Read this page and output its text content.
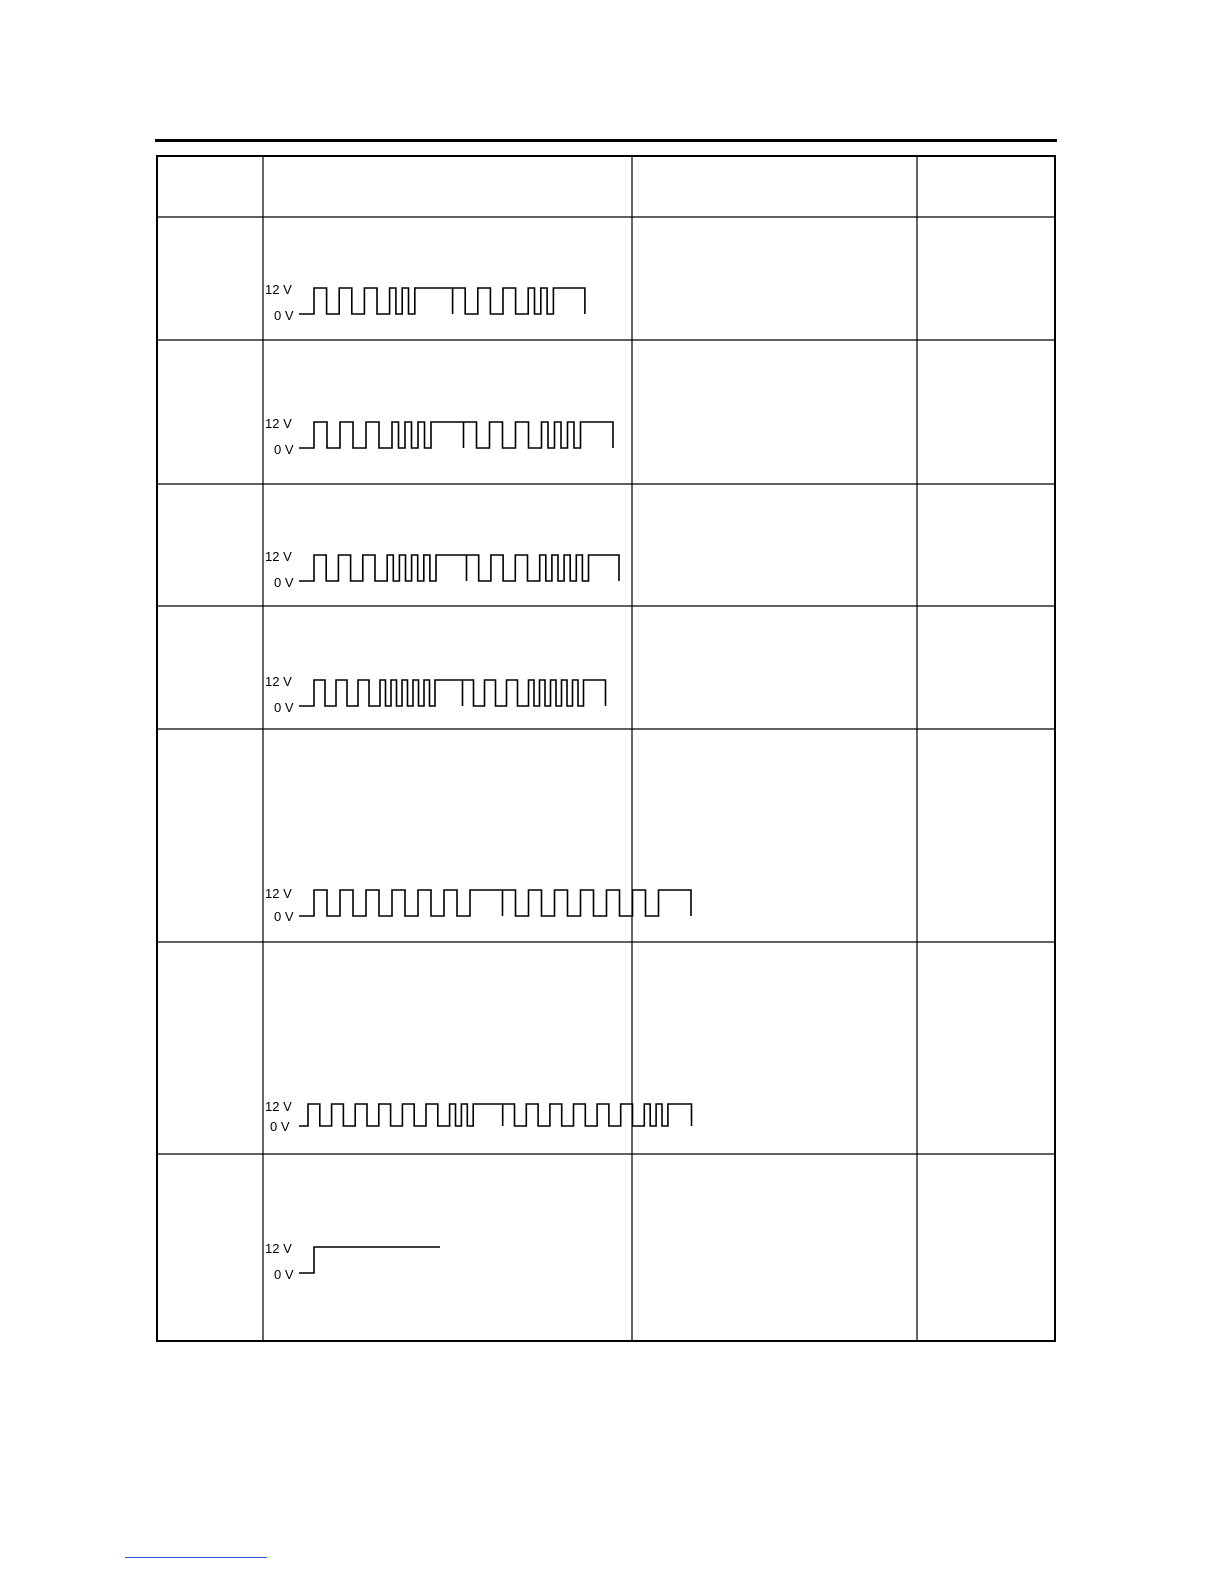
12 V
0 V
12 V
0 V
12 V
0 V
12 V
0 V
12 V
0 V
12 V
0 V
12 V
0 V
